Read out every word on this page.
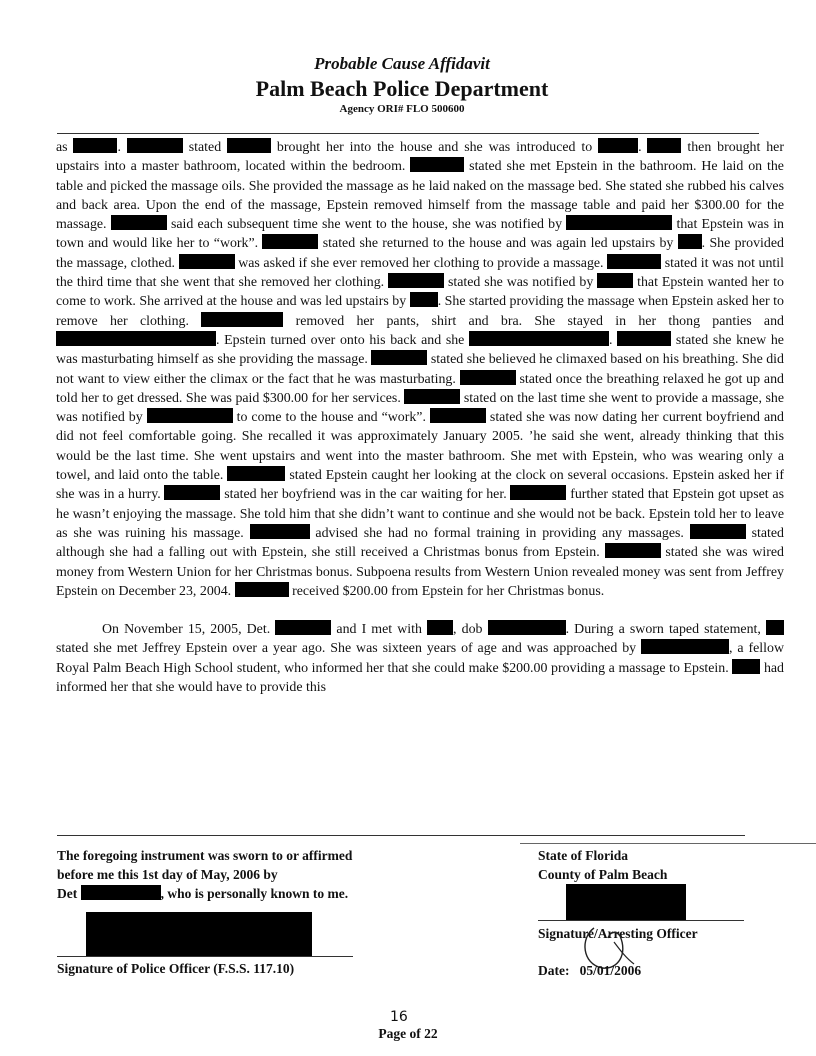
Probable Cause Affidavit
Palm Beach Police Department
Agency ORI# FLO 500600

as	.	stated	brought her into the house and she was introduced to	.	then brought her upstairs into a master bathroom, located within the bedroom.	stated she met Epstein in the bathroom. He laid on the table and picked the massage oils. She provided the massage as he laid naked on the massage bed. She stated she rubbed his calves and back area. Upon the end of the massage, Epstein removed himself from the massage table and paid her $300.00 for the massage.	said each subsequent time she went to the house, she was notified by	that Epstein was in town and would like her to “work”.	stated she returned to the house and was again led upstairs by . She provided the massage, clothed.	was asked if she ever removed her clothing to provide a massage.	stated it was not until the third time that she went that she removed her clothing.	stated she was notified by	that Epstein wanted her to come to work. She arrived at the house and was led upstairs by . She started providing the massage when Epstein asked her to remove her clothing.	removed her pants, shirt and bra. She stayed in her thong panties and . Epstein turned over onto his back and she	.	stated she knew he was masturbating himself as she providing the massage.	stated she believed he climaxed based on his breathing. She did not want to view either the climax or the fact that he was masturbating.	stated once the breathing relaxed he got up and told her to get dressed. She was paid $300.00 for her services.	stated on the last time she went to provide a massage, she was notified by	to come to the house and “work”.	stated she was now dating her current boyfriend and did not feel comfortable going. She recalled it was approximately January 2005. ’he said she went, already thinking that this would be the last time. She went upstairs and went into the master bathroom. She met with Epstein, who was wearing only a towel, and laid onto the table.	stated Epstein caught her looking at the clock on several occasions. Epstein asked her if she was in a hurry.	stated her boyfriend was in the car waiting for her.	further stated that Epstein got upset as he wasn’t enjoying the massage. She told him that she didn’t want to continue and she would not be back. Epstein told her to leave as she was ruining his massage.	advised she had no formal training in providing any massages.	stated although she had a falling out with Epstein, she still received a Christmas bonus from Epstein.	stated she was wired money from Western Union for her Christmas bonus. Subpoena results from Western Union revealed money was sent from Jeffrey Epstein on December 23, 2004.	received $200.00 from Epstein for her Christmas bonus.

On November 15, 2005, Det.	and I met with , dob	. During a sworn taped statement,  stated she met Jeffrey Epstein over a year ago. She was sixteen years of age and was approached by	, a fellow Royal Palm Beach High School student, who informed her that she could make $200.00 providing a massage to Epstein.	had informed her that she would have to provide this

The foregoing instrument was sworn to or affirmed
before me this 1st day of May, 2006 by
Det	, who is personally known to me.
Signature of Police Officer (F.S.S. 117.10)
State of Florida
County of Palm Beach
Signature/Arresting Officer
Date: 05/01/2006
16
Page of 22
